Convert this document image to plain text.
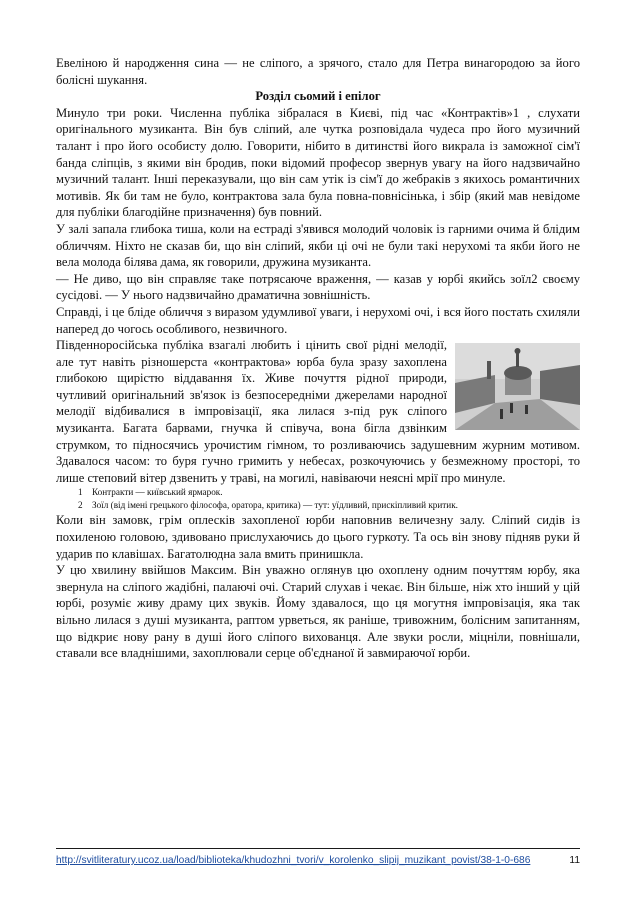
Евеліною й народження сина — не сліпого, а зрячого, стало для Петра винагородою за його болісні шукання.

Розділ сьомий і епілог

Минуло три роки. Численна публіка зібралася в Києві, під час «Контрактів»1 , слухати оригінального музиканта. Він був сліпий, але чутка розповідала чудеса про його музичний талант і про його особисту долю. Говорити, нібито в дитинстві його викрала із заможної сім'ї банда сліпців, з якими він бродив, поки відомий професор звернув увагу на його надзвичайно музичний талант. Інші переказували, що він сам утік із сім'ї до жебраків з якихось романтичних мотивів. Як би там не було, контрактова зала була повна-повнісінька, і збір (який мав невідоме для публіки благодійне призначення) був повний.

У залі запала глибока тиша, коли на естраді з'явився молодий чоловік із гарними очима й блідим обличчям. Ніхто не сказав би, що він сліпий, якби ці очі не були такі нерухомі та якби його не вела молода білява дама, як говорили, дружина музиканта.

— Не диво, що він справляє таке потрясаюче враження, — казав у юрбі якийсь зоїл2 своєму сусідові. — У нього надзвичайно драматична зовнішність.

Справді, і це бліде обличчя з виразом удумливої уваги, і нерухомі очі, і вся його постать схиляли наперед до чогось особливого, незвичного.

Південноросійська публіка взагалі любить і цінить свої рідні мелодії, але тут навіть різношерста «контрактова» юрба була зразу захоплена глибокою щирістю віддавання їх. Живе почуття рідної природи, чутливий оригінальний зв'язок із безпосередніми джерелами народної мелодії відбивалися в імпровізації, яка лилася з-під рук сліпого музиканта. Багата барвами, гнучка й співуча, вона бігла дзвінким струмком, то підносячись урочистим гімном, то розливаючись задушевним журним мотивом. Здавалося часом: то буря гучно гримить у небесах, розкочуючись у безмежному просторі, то лише степовий вітер дзвенить у траві, на могилі, навіваючи неясні мрії про минуле.

1	Контракти — київський ярмарок.
2	Зоїл (від імені грецького філософа, оратора, критика) — тут: уїдливий, прискіпливий критик.

Коли він замовк, грім оплесків захопленої юрби наповнив величезну залу. Сліпий сидів із похиленою головою, здивовано прислухаючись до цього гуркоту. Та ось він знову підняв руки й ударив по клавішах. Багатолюдна зала вмить принишкла.

У цю хвилину ввійшов Максим. Він уважно оглянув цю охоплену одним почуттям юрбу, яка звернула на сліпого жадібні, палаючі очі. Старий слухав і чекає. Він більше, ніж хто інший у цій юрбі, розуміє живу драму цих звуків. Йому здавалося, що ця могутня імпровізація, яка так вільно лилася з душі музиканта, раптом урветься, як раніше, тривожним, болісним запитанням, що відкриє нову рану в душі його сліпого вихованця. Але звуки росли, міцніли, повнішали, ставали все владнішими, захоплювали серце об'єднаної й завмираючої юрби.

http://svitliteratury.ucoz.ua/load/biblioteka/khudozhni_tvori/v_korolenko_slipij_muzikant_povist/38-1-0-686	11
